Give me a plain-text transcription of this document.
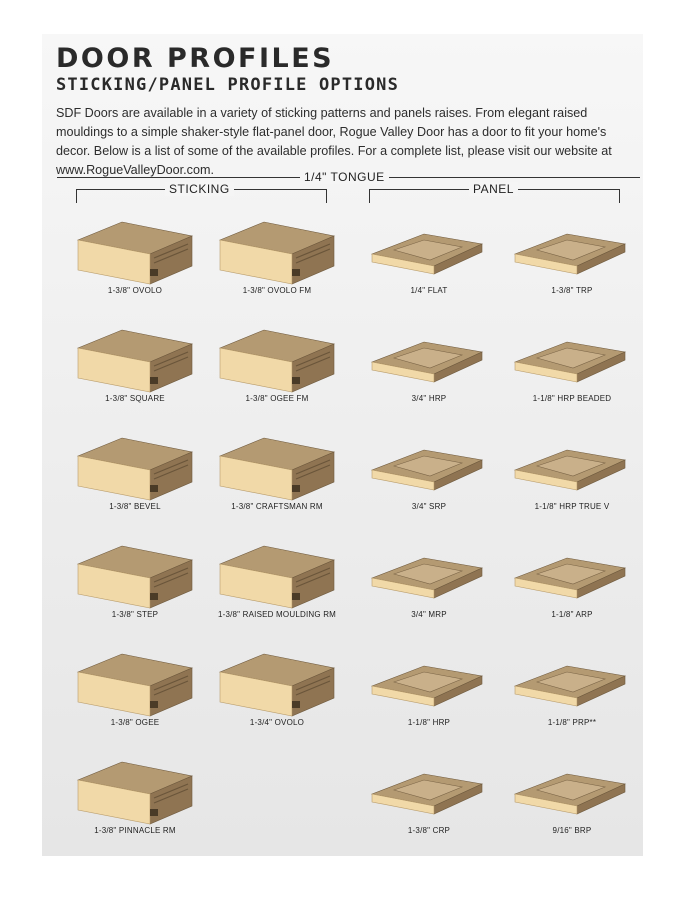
DOOR PROFILES
STICKING/PANEL PROFILE OPTIONS

SDF Doors are available in a variety of sticking patterns and panels raises. From elegant raised mouldings to a simple shaker-style flat-panel door, Rogue Valley Door has a door to fit your home's decor. Below is a list of some of the available profiles. For a complete list, please visit our website at www.RogueValleyDoor.com.	1/4" TONGUE
STICKING	PANEL
1-3/8" OVOLO	1-3/8" OVOLO FM
1-3/8" SQUARE	1-3/8" OGEE FM
1-3/8" BEVEL	1-3/8" CRAFTSMAN RM
1-3/8" STEP	1-3/8" RAISED MOULDING RM
1-3/8" OGEE	1-3/4" OVOLO
1-3/8" PINNACLE RM
1/4" FLAT	1-3/8" TRP
3/4" HRP	1-1/8" HRP BEADED
3/4" SRP	1-1/8" HRP TRUE V
3/4" MRP	1-1/8" ARP
1-1/8" HRP	1-1/8" PRP**
1-3/8" CRP	9/16" BRP
